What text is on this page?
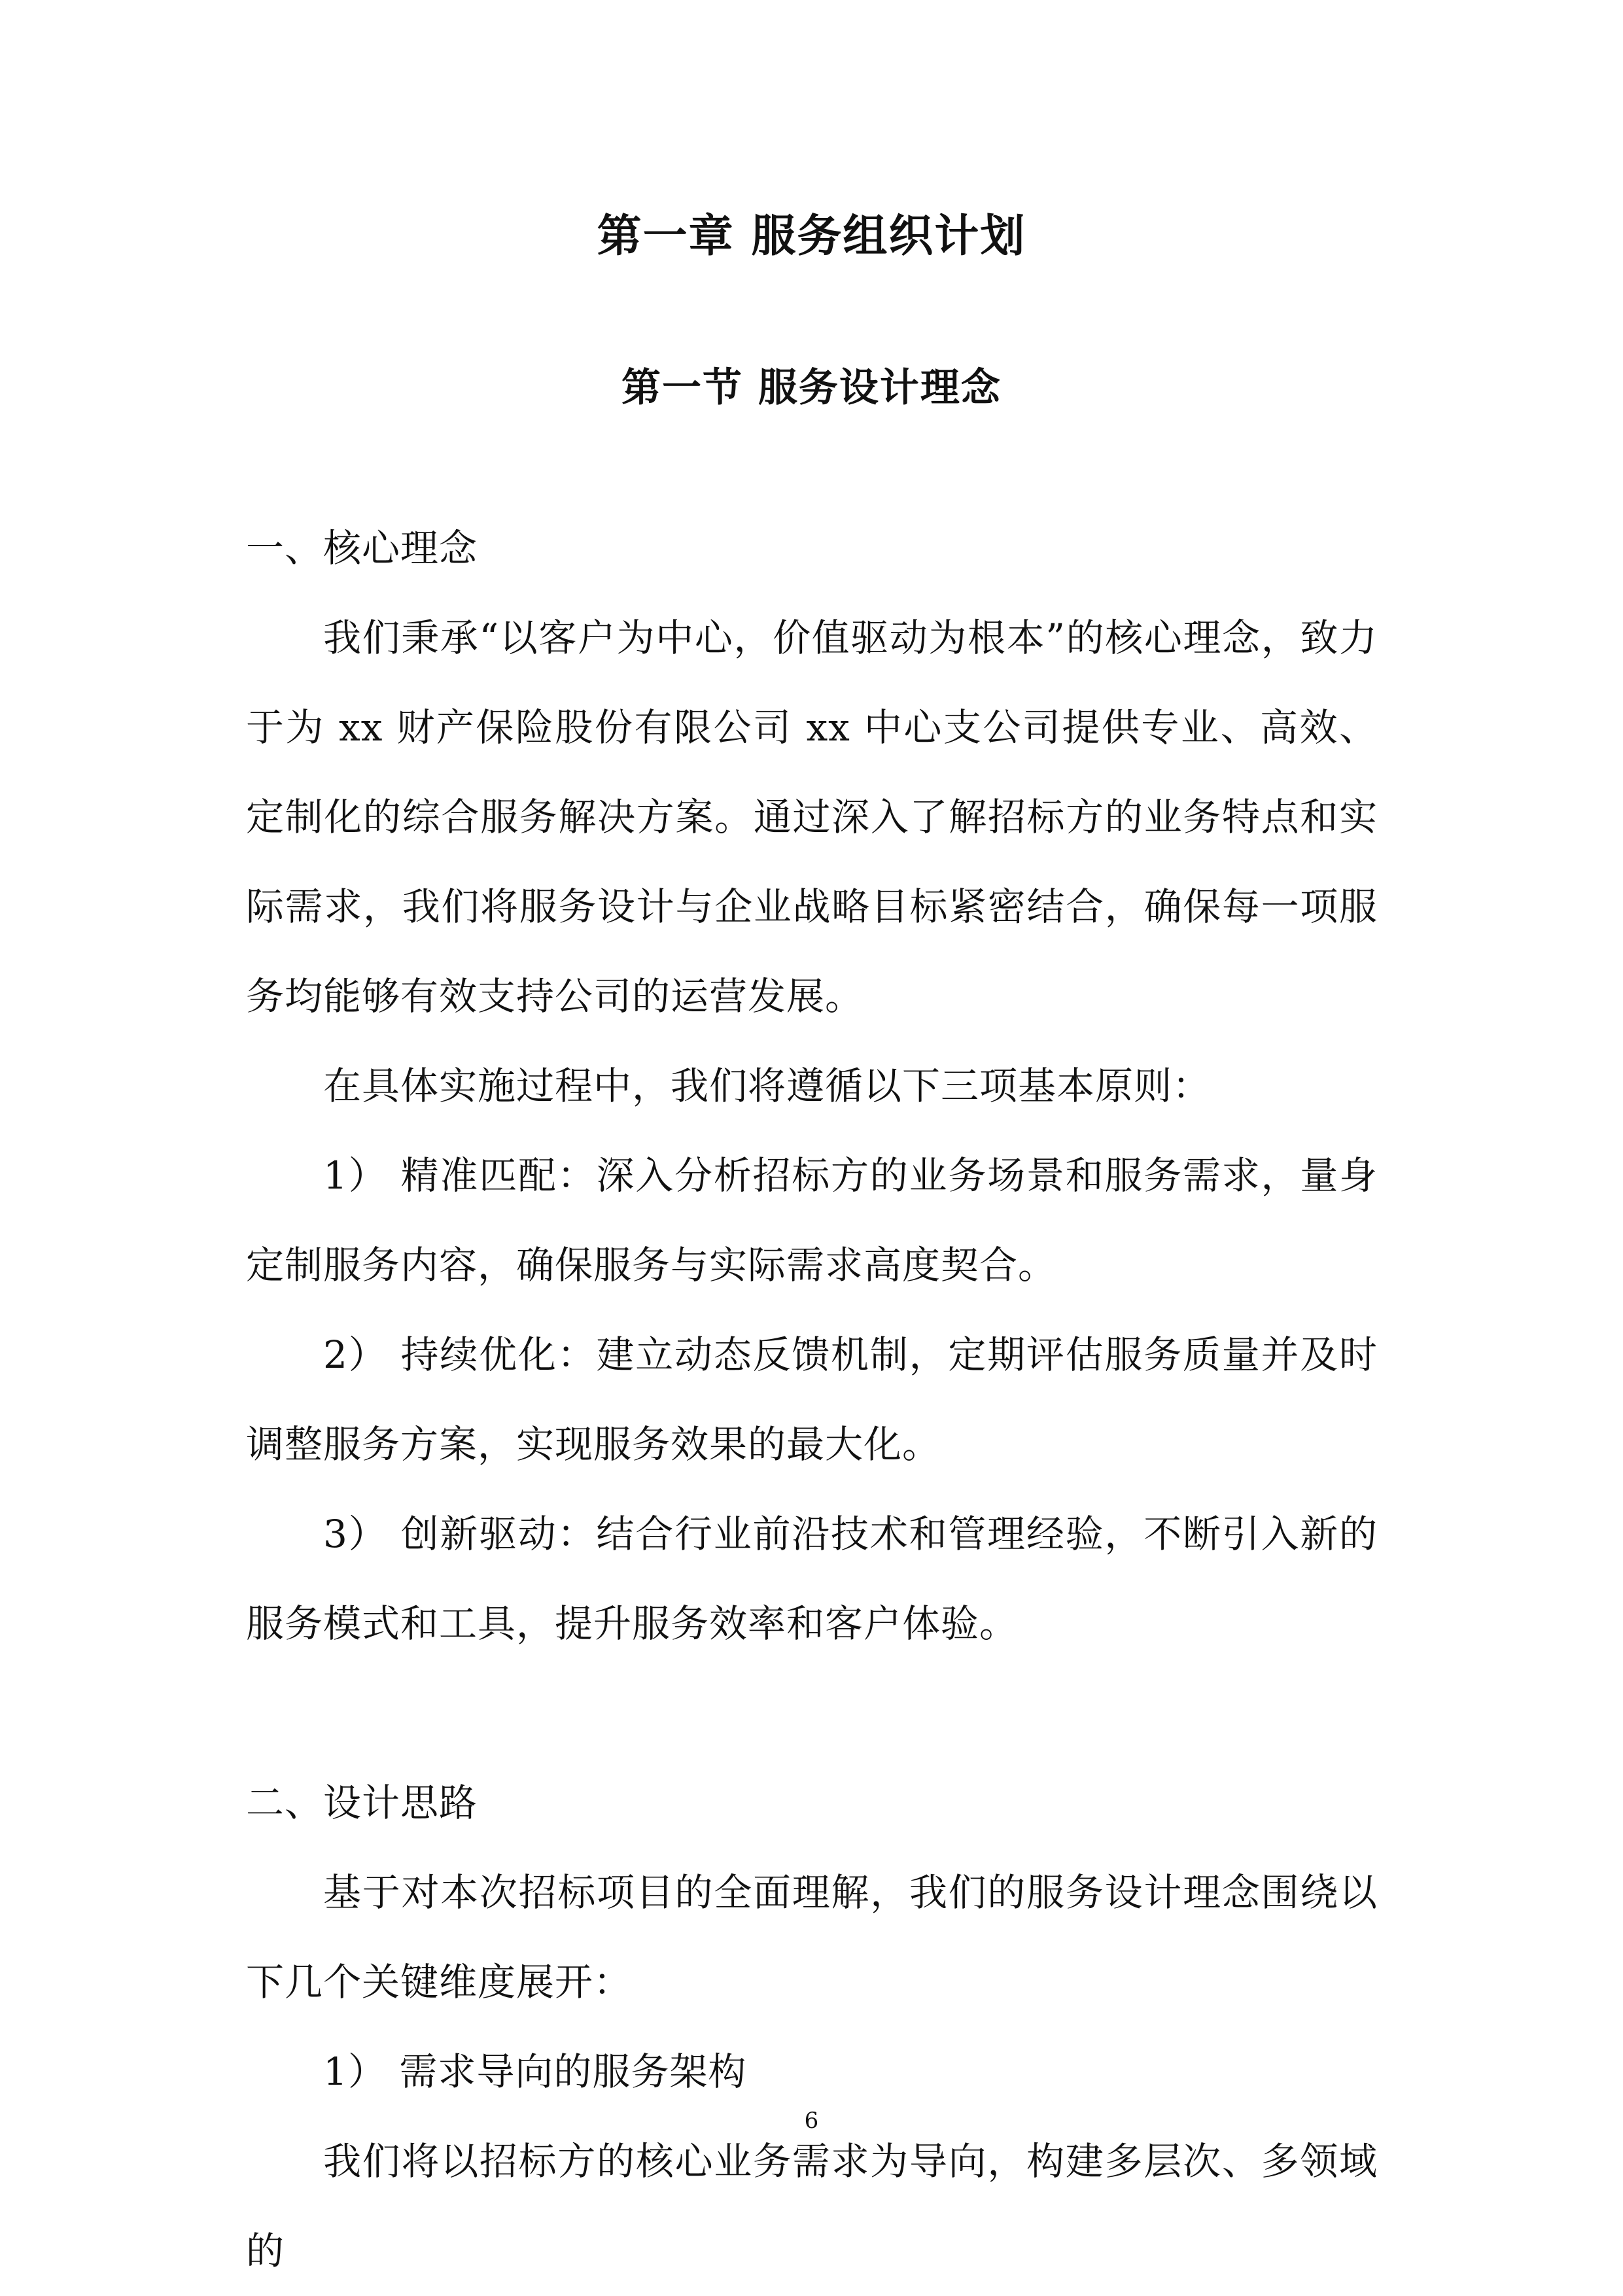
第一章 服务组织计划
第一节 服务设计理念

一、核心理念

我们秉承“以客户为中心，价值驱动为根本”的核心理念，致力于为 xx 财产保险股份有限公司 xx 中心支公司提供专业、高效、定制化的综合服务解决方案。通过深入了解招标方的业务特点和实际需求，我们将服务设计与企业战略目标紧密结合，确保每一项服务均能够有效支持公司的运营发展。

在具体实施过程中，我们将遵循以下三项基本原则：

1） 精准匹配：深入分析招标方的业务场景和服务需求，量身定制服务内容，确保服务与实际需求高度契合。

2） 持续优化：建立动态反馈机制，定期评估服务质量并及时调整服务方案，实现服务效果的最大化。

3） 创新驱动：结合行业前沿技术和管理经验，不断引入新的服务模式和工具，提升服务效率和客户体验。

二、设计思路

基于对本次招标项目的全面理解，我们的服务设计理念围绕以下几个关键维度展开：

1） 需求导向的服务架构

我们将以招标方的核心业务需求为导向，构建多层次、多领域的

6
